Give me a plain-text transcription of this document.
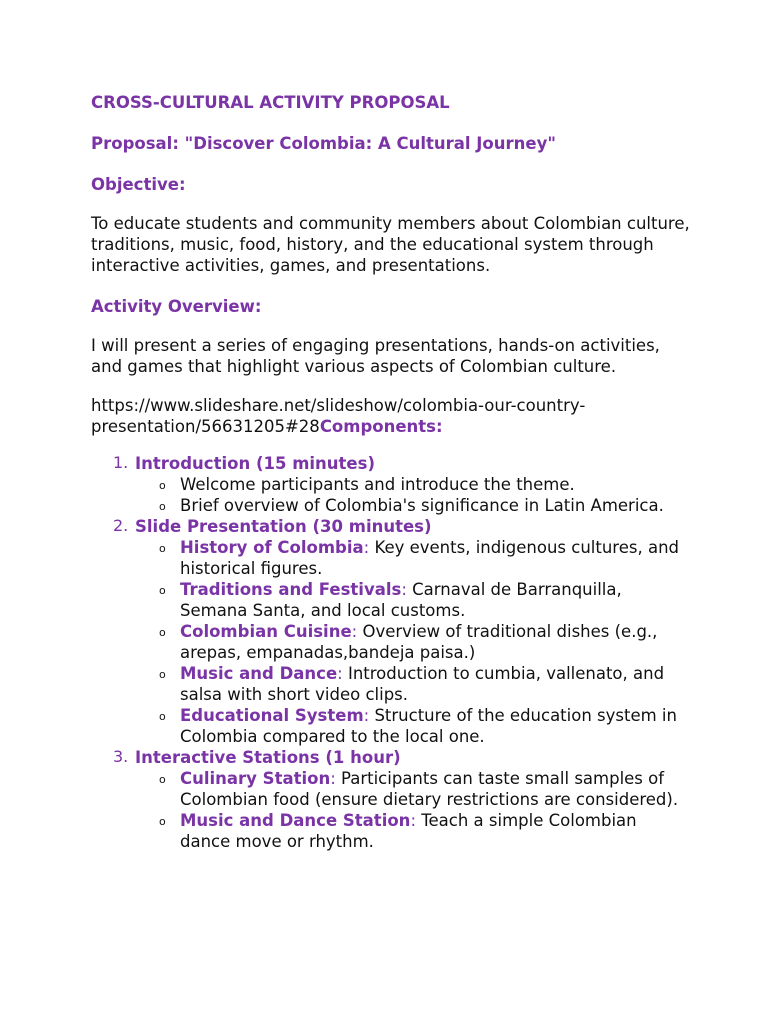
CROSS-CULTURAL ACTIVITY PROPOSAL

Proposal: "Discover Colombia: A Cultural Journey"

Objective:

To educate students and community members about Colombian culture, traditions, music, food, history, and the educational system through interactive activities, games, and presentations.

Activity Overview:

I will present a series of engaging presentations, hands-on activities, and games that highlight various aspects of Colombian culture.

https://www.slideshare.net/slideshow/colombia-our-country-presentation/56631205#28Components:

1. Introduction (15 minutes)
o Welcome participants and introduce the theme.
o Brief overview of Colombia's significance in Latin America.
2. Slide Presentation (30 minutes)
o History of Colombia: Key events, indigenous cultures, and historical figures.
o Traditions and Festivals: Carnaval de Barranquilla, Semana Santa, and local customs.
o Colombian Cuisine: Overview of traditional dishes (e.g., arepas, empanadas,bandeja paisa.)
o Music and Dance: Introduction to cumbia, vallenato, and salsa with short video clips.
o Educational System: Structure of the education system in Colombia compared to the local one.
3. Interactive Stations (1 hour)
o Culinary Station: Participants can taste small samples of Colombian food (ensure dietary restrictions are considered).
o Music and Dance Station: Teach a simple Colombian dance move or rhythm.
